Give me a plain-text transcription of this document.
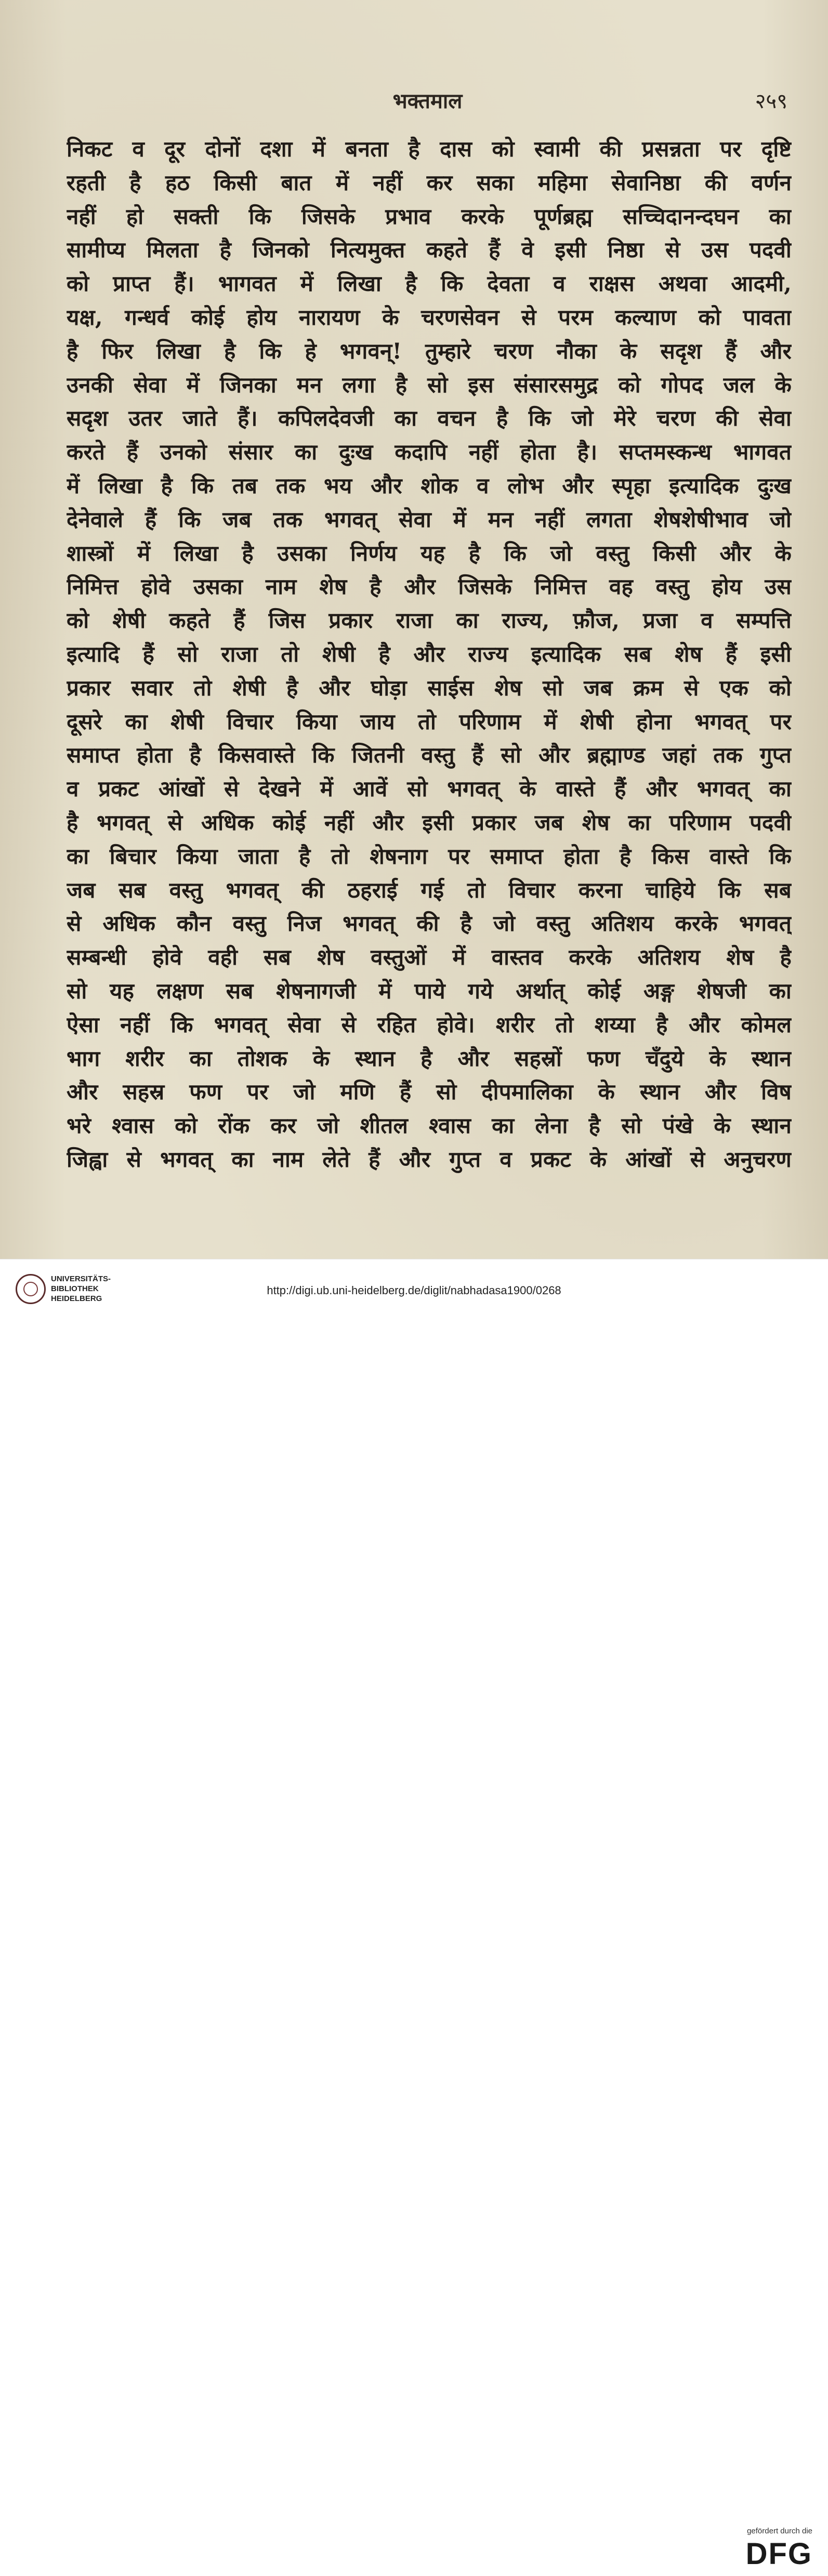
भक्तमाल	२५९
निकट व दूर दोनों दशा में बनता है दास को स्वामी की प्रसन्नता पर दृष्टि
रहती है हठ किसी बात में नहीं कर सका महिमा सेवानिष्ठा की वर्णन
नहीं हो सक्ती कि जिसके प्रभाव करके पूर्णब्रह्म सच्चिदानन्दघन का
सामीप्य मिलता है जिनको नित्यमुक्त कहते हैं वे इसी निष्ठा से उस पदवी
को प्राप्त हैं। भागवत में लिखा है कि देवता व राक्षस अथवा आदमी,
यक्ष, गन्धर्व कोई होय नारायण के चरणसेवन से परम कल्याण को पावता
है फिर लिखा है कि हे भगवन्! तुम्हारे चरण नौका के सदृश हैं और
उनकी सेवा में जिनका मन लगा है सो इस संसारसमुद्र को गोपद जल के
सदृश उतर जाते हैं। कपिलदेवजी का वचन है कि जो मेरे चरण की सेवा
करते हैं उनको संसार का दुःख कदापि नहीं होता है। सप्तमस्कन्ध भागवत
में लिखा है कि तब तक भय और शोक व लोभ और स्पृहा इत्यादिक दुःख
देनेवाले हैं कि जब तक भगवत् सेवा में मन नहीं लगता शेषशेषीभाव जो
शास्त्रों में लिखा है उसका निर्णय यह है कि जो वस्तु किसी और के
निमित्त होवे उसका नाम शेष है और जिसके निमित्त वह वस्तु होय उस
को शेषी कहते हैं जिस प्रकार राजा का राज्य, फ़ौज, प्रजा व सम्पत्ति
इत्यादि हैं सो राजा तो शेषी है और राज्य इत्यादिक सब शेष हैं इसी
प्रकार सवार तो शेषी है और घोड़ा साईस शेष सो जब क्रम से एक को
दूसरे का शेषी विचार किया जाय तो परिणाम में शेषी होना भगवत् पर
समाप्त होता है किसवास्ते कि जितनी वस्तु हैं सो और ब्रह्माण्ड जहां तक गुप्त
व प्रकट आंखों से देखने में आवें सो भगवत् के वास्ते हैं और भगवत् का
है भगवत् से अधिक कोई नहीं और इसी प्रकार जब शेष का परिणाम पदवी
का बिचार किया जाता है तो शेषनाग पर समाप्त होता है किस वास्ते कि
जब सब वस्तु भगवत् की ठहराई गई तो विचार करना चाहिये कि सब
से अधिक कौन वस्तु निज भगवत् की है जो वस्तु अतिशय करके भगवत्
सम्बन्धी होवे वही सब शेष वस्तुओं में वास्तव करके अतिशय शेष है
सो यह लक्षण सब शेषनागजी में पाये गये अर्थात् कोई अङ्ग शेषजी का
ऐसा नहीं कि भगवत् सेवा से रहित होवे। शरीर तो शय्या है और कोमल
भाग शरीर का तोशक के स्थान है और सहस्रों फण चँदुये के स्थान
और सहस्र फण पर जो मणि हैं सो दीपमालिका के स्थान और विष
भरे श्वास को रोंक कर जो शीतल श्वास का लेना है सो पंखे के स्थान
जिह्वा से भगवत् का नाम लेते हैं और गुप्त व प्रकट के आंखों से अनुचरण
UNIVERSITÄTS-
BIBLIOTHEK
HEIDELBERG
gefördert durch die
DFG
http://digi.ub.uni-heidelberg.de/diglit/nabhadasa1900/0268
